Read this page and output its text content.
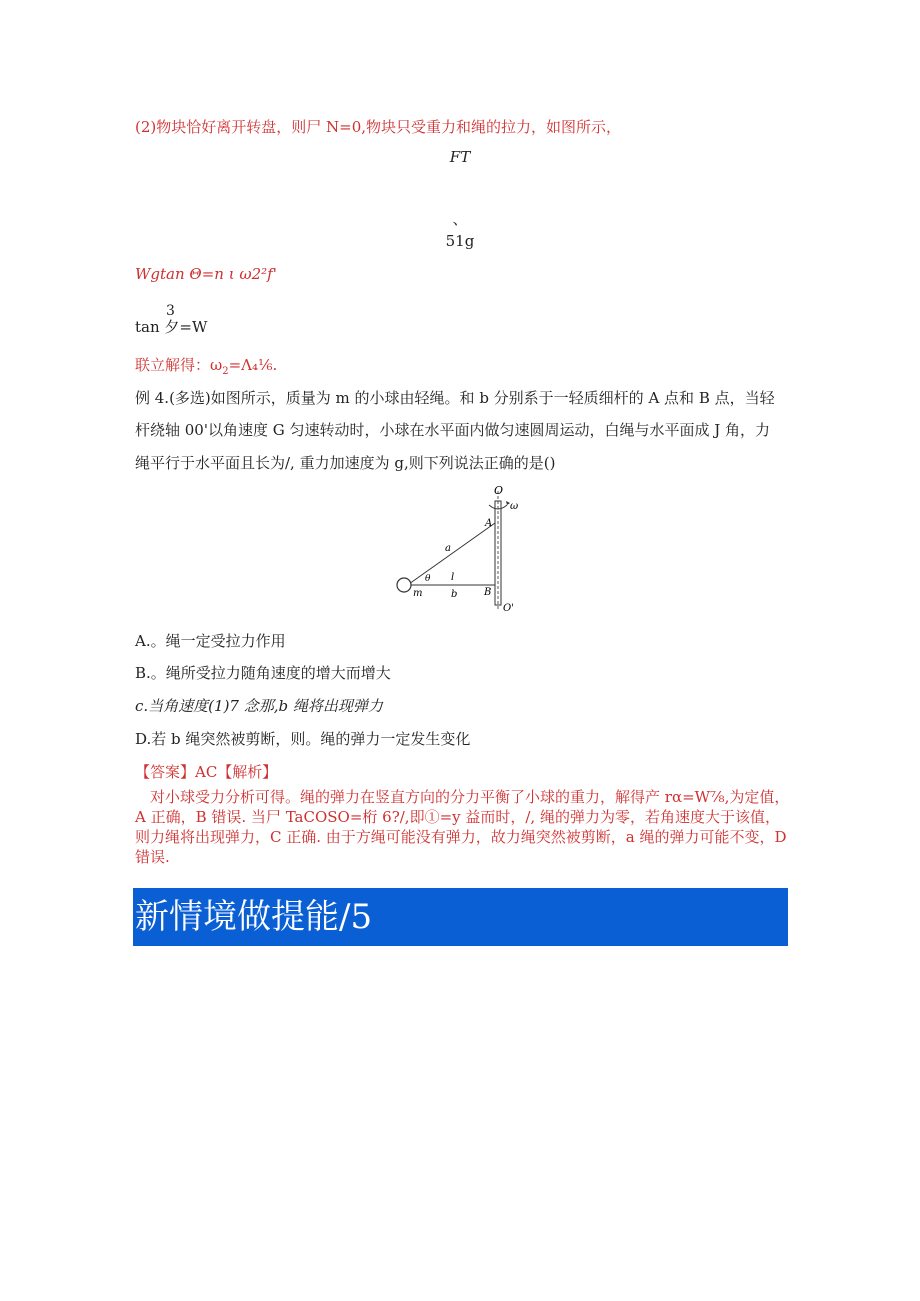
(2)物块恰好离开转盘，则尸 N=0,物块只受重力和绳的拉力，如图所示，
FT
、
51g
Wgtan Θ=n ι ω2²f'
3
tan 夕=W
联立解得：$\omega_2=\Lambda_4\frac{1}{6}$.
例 4.(多选)如图所示，质量为 m 的小球由轻绳。和 b 分别系于一轻质细杆的 A 点和 B 点，当轻
杆绕轴 00'以角速度 G 匀速转动时，小球在水平面内做匀速圆周运动，白绳与水平面成 J 角，力
绳平行于水平面且长为/, 重力加速度为 g,则下列说法正确的是()
O
ω
A
a
θ l
m	b	B
O'
A.。绳一定受拉力作用
B.。绳所受拉力随角速度的增大而增大
c.当角速度(1)7 念那,b 绳将出现弹力
D.若 b 绳突然被剪断，则。绳的弹力一定发生变化
【答案】AC【解析】
对小球受力分析可得。绳的弹力在竖直方向的分力平衡了小球的重力，解得产 rα=W⅞,为定值，A 正确，B 错误. 当尸 TaCOSO=桁 6?/,即①=y 益而时，/, 绳的弹力为零，若角速度大于该值，则力绳将出现弹力，C 正确. 由于方绳可能没有弹力，故力绳突然被剪断，a 绳的弹力可能不变，D 错误.
新情境做提能/5
